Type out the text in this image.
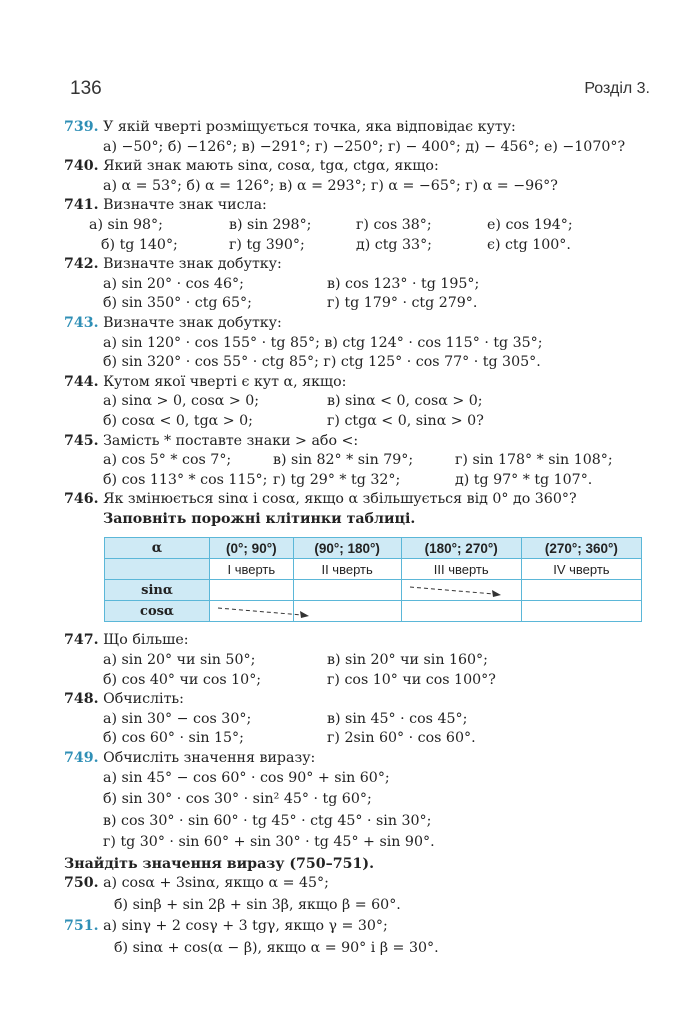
136	Розділ 3.
739. У якій чверті розміщується точка, яка відповідає куту:
а) −50°; б) −126°; в) −291°; г) −250°; г) − 400°; д) − 456°; е) −1070°?
740. Який знак мають sinα, cosα, tgα, ctgα, якщо:
а) α = 53°; б) α = 126°; в) α = 293°; г) α = −65°; г) α = −96°?
741. Визначте знак числа:
а) sin 98°;	в) sin 298°;	г) cos 38°;	е) cos 194°;
б) tg 140°;	г) tg 390°;	д) ctg 33°;	є) ctg 100°.
742. Визначте знак добутку:
а) sin 20° · cos 46°;	в) cos 123° · tg 195°;
б) sin 350° · ctg 65°;	г) tg 179° · ctg 279°.
743. Визначте знак добутку:
а) sin 120° · cos 155° · tg 85°; в) ctg 124° · cos 115° · tg 35°;
б) sin 320° · cos 55° · ctg 85°; г) ctg 125° · cos 77° · tg 305°.
744. Кутом якої чверті є кут α, якщо:
а) sinα > 0, cosα > 0;	в) sinα < 0, cosα > 0;
б) cosα < 0, tgα > 0;	г) ctgα < 0, sinα > 0?
745. Замість * поставте знаки > або <:
а) cos 5° * cos 7°;	в) sin 82° * sin 79°;	г) sin 178° * sin 108°;
б) cos 113° * cos 115°; г) tg 29° * tg 32°;	д) tg 97° * tg 107°.
746. Як змінюється sinα і cosα, якщо α збільшується від 0° до 360°?
Заповніть порожні клітинки таблиці.
α	(0°; 90°)	(90°; 180°)	(180°; 270°)	(270°; 360°)
	І чверть	ІІ чверть	ІІІ чверть	ІV чверть
sinα			

cosα	

747. Що більше:
а) sin 20° чи sin 50°;	в) sin 20° чи sin 160°;
б) cos 40° чи cos 10°;	г) cos 10° чи cos 100°?
748. Обчисліть:
а) sin 30° − cos 30°;	в) sin 45° · cos 45°;
б) cos 60° · sin 15°;	г) 2sin 60° · cos 60°.
749. Обчисліть значення виразу:
а) sin 45° − cos 60° · cos 90° + sin 60°;
б) sin 30° · cos 30° · sin² 45° · tg 60°;
в) cos 30° · sin 60° · tg 45° · ctg 45° · sin 30°;
г) tg 30° · sin 60° + sin 30° · tg 45° + sin 90°.
Знайдіть значення виразу (750–751).
750. а) cosα + 3sinα, якщо α = 45°;
б) sinβ + sin 2β + sin 3β, якщо β = 60°.
751. а) sinγ + 2 cosγ + 3 tgγ, якщо γ = 30°;
б) sinα + cos(α − β), якщо α = 90° і β = 30°.
